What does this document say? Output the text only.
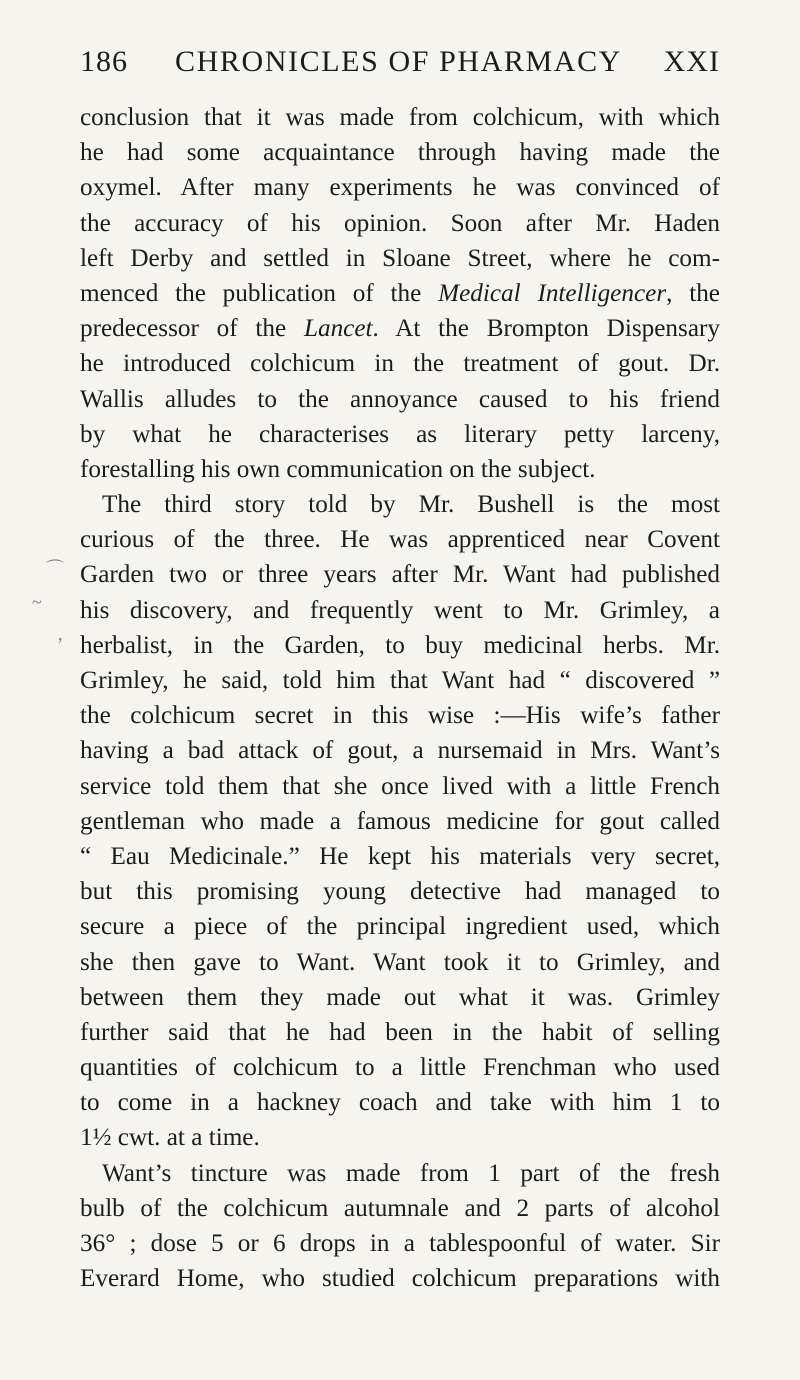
186 CHRONICLES OF PHARMACY XXI
conclusion that it was made from colchicum, with which
he had some acquaintance through having made the
oxymel. After many experiments he was convinced of
the accuracy of his opinion. Soon after Mr. Haden
left Derby and settled in Sloane Street, where he com-
menced the publication of the Medical Intelligencer, the
predecessor of the Lancet. At the Brompton Dispensary
he introduced colchicum in the treatment of gout. Dr.
Wallis alludes to the annoyance caused to his friend
by what he characterises as literary petty larceny,
forestalling his own communication on the subject.
The third story told by Mr. Bushell is the most
curious of the three. He was apprenticed near Covent
Garden two or three years after Mr. Want had published
his discovery, and frequently went to Mr. Grimley, a
herbalist, in the Garden, to buy medicinal herbs. Mr.
Grimley, he said, told him that Want had “ discovered ”
the colchicum secret in this wise :—His wife’s father
having a bad attack of gout, a nursemaid in Mrs. Want’s
service told them that she once lived with a little French
gentleman who made a famous medicine for gout called
“ Eau Medicinale.” He kept his materials very secret,
but this promising young detective had managed to
secure a piece of the principal ingredient used, which
she then gave to Want. Want took it to Grimley, and
between them they made out what it was. Grimley
further said that he had been in the habit of selling
quantities of colchicum to a little Frenchman who used
to come in a hackney coach and take with him 1 to
1½ cwt. at a time.
Want’s tincture was made from 1 part of the fresh
bulb of the colchicum autumnale and 2 parts of alcohol
36° ; dose 5 or 6 drops in a tablespoonful of water. Sir
Everard Home, who studied colchicum preparations with
⌒
~
,
